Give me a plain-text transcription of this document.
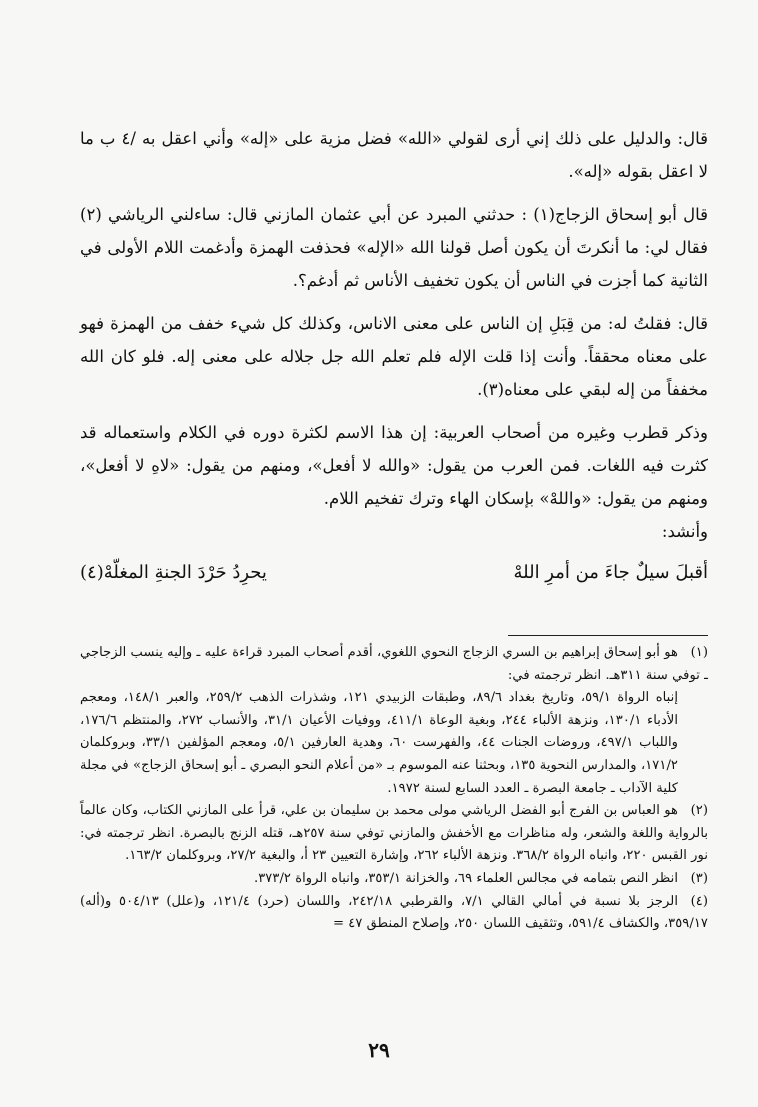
قال: والدليل على ذلك إني أرى لقولي «الله» فضل مزية على «إله» وأني اعقل به /٤ ب ما لا اعقل بقوله «إله».

قال أبو إسحاق الزجاج(١) : حدثني المبرد عن أبي عثمان المازني قال: ساءلني الرياشي (٢) فقال لي: ما أنكرتَ أن يكون أصل قولنا الله «الإله» فحذفت الهمزة وأدغمت اللام الأولى في الثانية كما أجزت في الناس أن يكون تخفيف الأناس ثم أدغم؟.

قال: فقلتُ له: من قِبَلِ إن الناس على معنى الاناس، وكذلك كل شيء خفف من الهمزة فهو على معناه محققاً. وأنت إذا قلت الإله فلم تعلم الله جل جلاله على معنى إله. فلو كان الله مخففاً من إله لبقي على معناه(٣).

وذكر قطرب وغيره من أصحاب العربية: إن هذا الاسم لكثرة دوره في الكلام واستعماله قد كثرت فيه اللغات. فمن العرب من يقول: «والله لا أفعل»، ومنهم من يقول: «لاهِ لا أفعل»، ومنهم من يقول: «واللهْ» بإسكان الهاء وترك تفخيم اللام.

وأنشد:

أقبلَ سيلٌ جاءَ من أمرِ اللهْ
يحرِدُ حَرْدَ الجنةِ المغلّهْ(٤)
(١)هو أبو إسحاق إبراهيم بن السري الزجاج النحوي اللغوي، أقدم أصحاب المبرد قراءة عليه ـ وإليه ينسب الزجاجي ـ توفي سنة ٣١١هـ. انظر ترجمته في:
إنباه الرواة ٥٩/١، وتاريخ بغداد ٨٩/٦، وطبقات الزبيدي ١٢١، وشذرات الذهب ٢٥٩/٢، والعبر ١٤٨/١، ومعجم الأدباء ١٣٠/١، ونزهة الألباء ٢٤٤، وبغية الوعاة ٤١١/١، ووفيات الأعيان ٣١/١، والأنساب ٢٧٢، والمنتظم ١٧٦/٦، واللباب ٤٩٧/١، وروضات الجنات ٤٤، والفهرست ٦٠، وهدية العارفين ٥/١، ومعجم المؤلفين ٣٣/١، وبروكلمان ١٧١/٢، والمدارس النحوية ١٣٥، وبحثنا عنه الموسوم بـ «من أعلام النحو البصري ـ أبو إسحاق الزجاج» في مجلة كلية الآداب ـ جامعة البصرة ـ العدد السابع لسنة ١٩٧٢.
(٢)هو العباس بن الفرج أبو الفضل الرياشي مولى محمد بن سليمان بن علي، قرأ على المازني الكتاب، وكان عالماً بالرواية واللغة والشعر، وله مناظرات مع الأخفش والمازني توفي سنة ٢٥٧هـ، قتله الزنج بالبصرة. انظر ترجمته في: نور القبس ٢٢٠، وانباه الرواة ٣٦٨/٢. ونزهة الألباء ٢٦٢، وإشارة التعيين ٢٣ أ، والبغية ٢٧/٢، وبروكلمان ١٦٣/٢.
(٣)انظر النص بتمامه في مجالس العلماء ٦٩، والخزانة ٣٥٣/١، وانباه الرواة ٣٧٣/٢.
(٤)الرجز بلا نسبة في أمالي القالي ٧/١، والقرطبي ٢٤٢/١٨، واللسان (حرد) ١٢١/٤، و(علل) ٥٠٤/١٣ و(أله) ٣٥٩/١٧، والكشاف ٥٩١/٤، وتثقيف اللسان ٢٥٠، وإصلاح المنطق ٤٧ =
٢٩
